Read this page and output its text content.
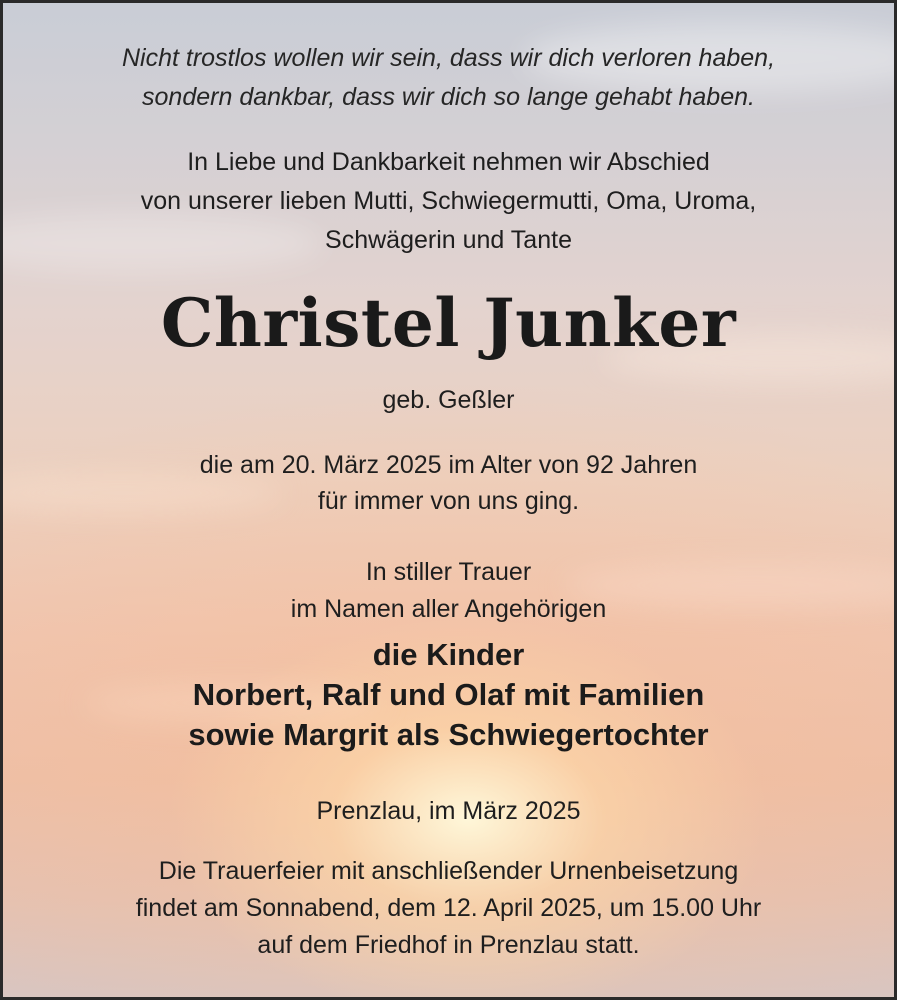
Nicht trostlos wollen wir sein, dass wir dich verloren haben,
sondern dankbar, dass wir dich so lange gehabt haben.

In Liebe und Dankbarkeit nehmen wir Abschied
von unserer lieben Mutti, Schwiegermutti, Oma, Uroma,
Schwägerin und Tante

Christel Junker

geb. Geßler

die am 20. März 2025 im Alter von 92 Jahren
für immer von uns ging.

In stiller Trauer
im Namen aller Angehörigen

die Kinder
Norbert, Ralf und Olaf mit Familien
sowie Margrit als Schwiegertochter

Prenzlau, im März 2025

Die Trauerfeier mit anschließender Urnenbeisetzung
findet am Sonnabend, dem 12. April 2025, um 15.00 Uhr
auf dem Friedhof in Prenzlau statt.
